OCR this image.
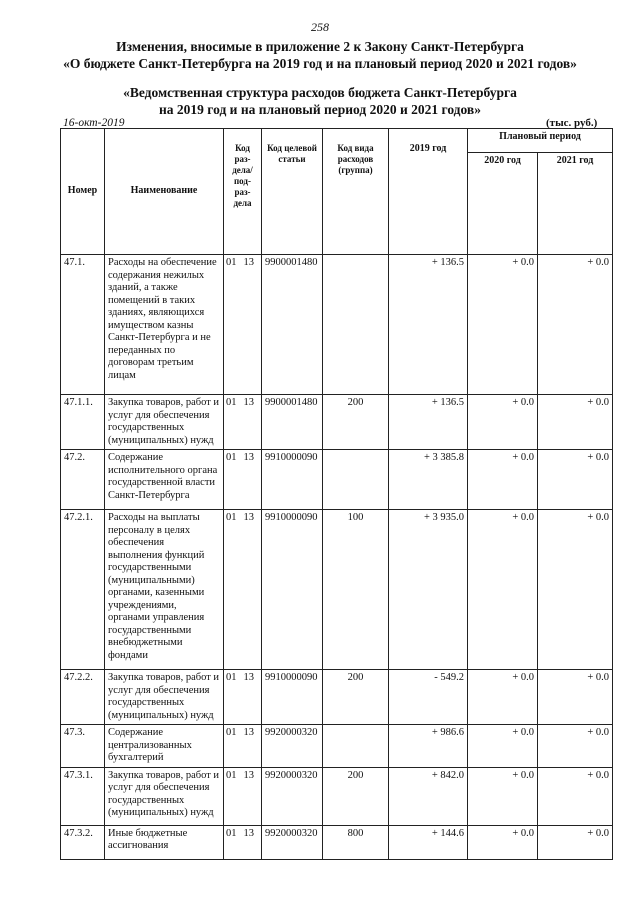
258
Изменения, вносимые в приложение 2 к Закону Санкт-Петербурга
«О бюджете Санкт-Петербурга на 2019 год и на плановый период 2020 и 2021 годов»
«Ведомственная структура расходов бюджета Санкт-Петербурга
на 2019 год и на плановый период 2020 и 2021 годов»
16-окт-2019	(тыс. руб.)
Номер	Наименование	Код раз- дела/ под- раз- дела	Код целевой статьи	Код вида расходов (группа)	2019 год	Плановый период	
						2020 год	2021 год
47.1.	Расходы на обеспечение содержания нежилых зданий, а также помещений в таких зданиях, являющихся имуществом казны Санкт-Петербурга и не переданных по договорам третьим лицам	01 13	9900001480		+ 136.5	+ 0.0	+ 0.0
47.1.1.	Закупка товаров, работ и услуг для обеспечения государственных (муниципальных) нужд	01 13	9900001480	200	+ 136.5	+ 0.0	+ 0.0
47.2.	Содержание исполнительного органа государственной власти Санкт-Петербурга	01 13	9910000090		+ 3 385.8	+ 0.0	+ 0.0
47.2.1.	Расходы на выплаты персоналу в целях обеспечения выполнения функций государственными (муниципальными) органами, казенными учреждениями, органами управления государственными внебюджетными фондами	01 13	9910000090	100	+ 3 935.0	+ 0.0	+ 0.0
47.2.2.	Закупка товаров, работ и услуг для обеспечения государственных (муниципальных) нужд	01 13	9910000090	200	- 549.2	+ 0.0	+ 0.0
47.3.	Содержание централизованных бухгалтерий	01 13	9920000320		+ 986.6	+ 0.0	+ 0.0
47.3.1.	Закупка товаров, работ и услуг для обеспечения государственных (муниципальных) нужд	01 13	9920000320	200	+ 842.0	+ 0.0	+ 0.0
47.3.2.	Иные бюджетные ассигнования	01 13	9920000320	800	+ 144.6	+ 0.0	+ 0.0
